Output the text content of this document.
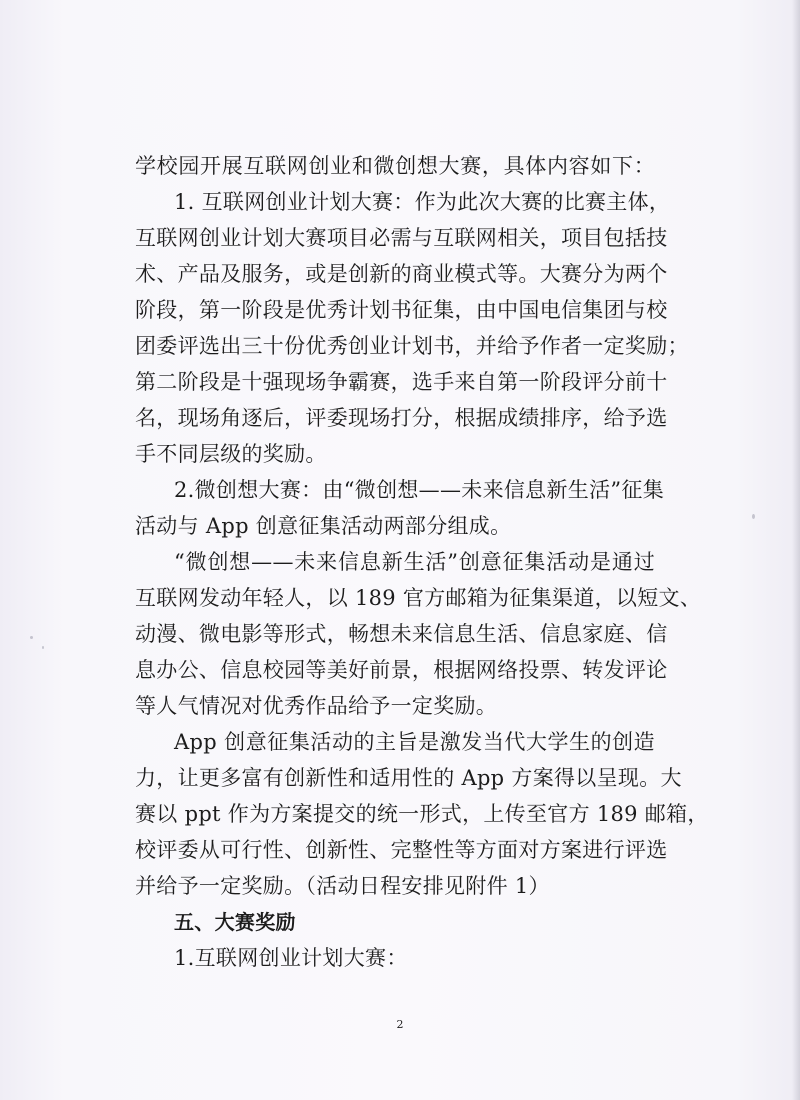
学校园开展互联网创业和微创想大赛，具体内容如下：
1. 互联网创业计划大赛：作为此次大赛的比赛主体，
互联网创业计划大赛项目必需与互联网相关，项目包括技
术、产品及服务，或是创新的商业模式等。大赛分为两个
阶段，第一阶段是优秀计划书征集，由中国电信集团与校
团委评选出三十份优秀创业计划书，并给予作者一定奖励；
第二阶段是十强现场争霸赛，选手来自第一阶段评分前十
名，现场角逐后，评委现场打分，根据成绩排序，给予选
手不同层级的奖励。
2.微创想大赛：由“微创想——未来信息新生活”征集
活动与 App 创意征集活动两部分组成。
“微创想——未来信息新生活”创意征集活动是通过
互联网发动年轻人，以 189 官方邮箱为征集渠道，以短文、
动漫、微电影等形式，畅想未来信息生活、信息家庭、信
息办公、信息校园等美好前景，根据网络投票、转发评论
等人气情况对优秀作品给予一定奖励。
App 创意征集活动的主旨是激发当代大学生的创造
力，让更多富有创新性和适用性的 App 方案得以呈现。大
赛以 ppt 作为方案提交的统一形式，上传至官方 189 邮箱，
校评委从可行性、创新性、完整性等方面对方案进行评选
并给予一定奖励。（活动日程安排见附件 1）
五、大赛奖励
1.互联网创业计划大赛：
2
